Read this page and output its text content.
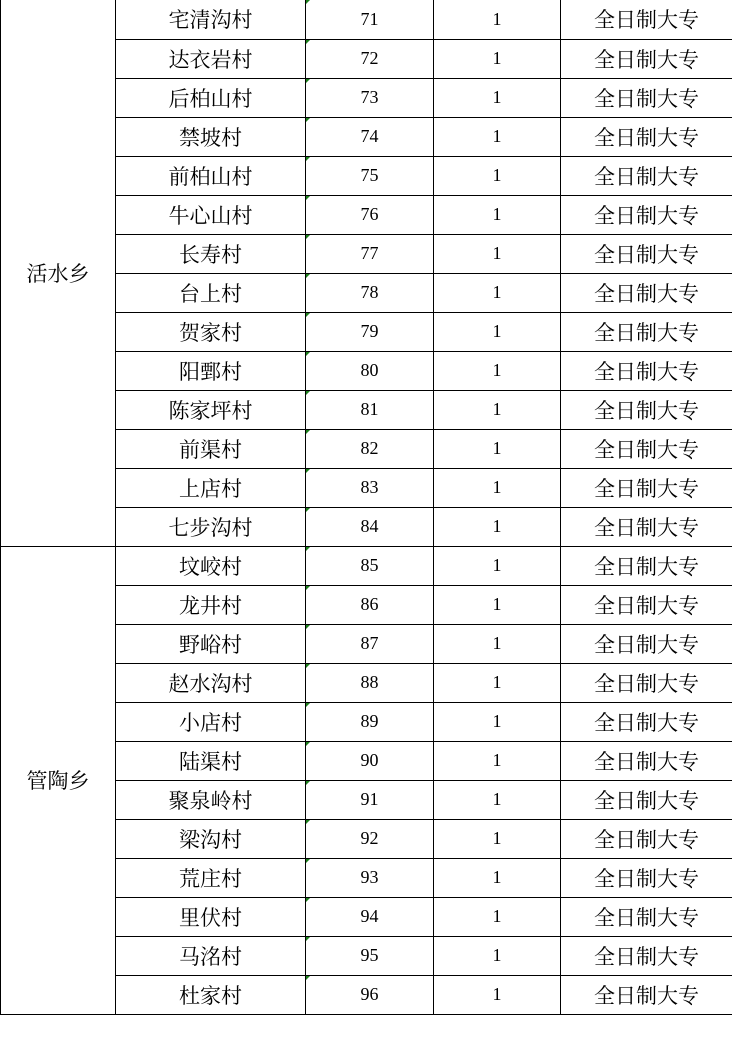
活水乡	宅清沟村	71	1	全日制大专
	达衣岩村	72	1	全日制大专
	后柏山村	73	1	全日制大专
	禁坡村	74	1	全日制大专
	前柏山村	75	1	全日制大专
	牛心山村	76	1	全日制大专
	长寿村	77	1	全日制大专
	台上村	78	1	全日制大专
	贺家村	79	1	全日制大专
	阳鄄村	80	1	全日制大专
	陈家坪村	81	1	全日制大专
	前渠村	82	1	全日制大专
	上店村	83	1	全日制大专
	七步沟村	84	1	全日制大专
管陶乡	坟峧村	85	1	全日制大专
	龙井村	86	1	全日制大专
	野峪村	87	1	全日制大专
	赵水沟村	88	1	全日制大专
	小店村	89	1	全日制大专
	陆渠村	90	1	全日制大专
	聚泉岭村	91	1	全日制大专
	梁沟村	92	1	全日制大专
	荒庄村	93	1	全日制大专
	里伏村	94	1	全日制大专
	马洺村	95	1	全日制大专
	杜家村	96	1	全日制大专
